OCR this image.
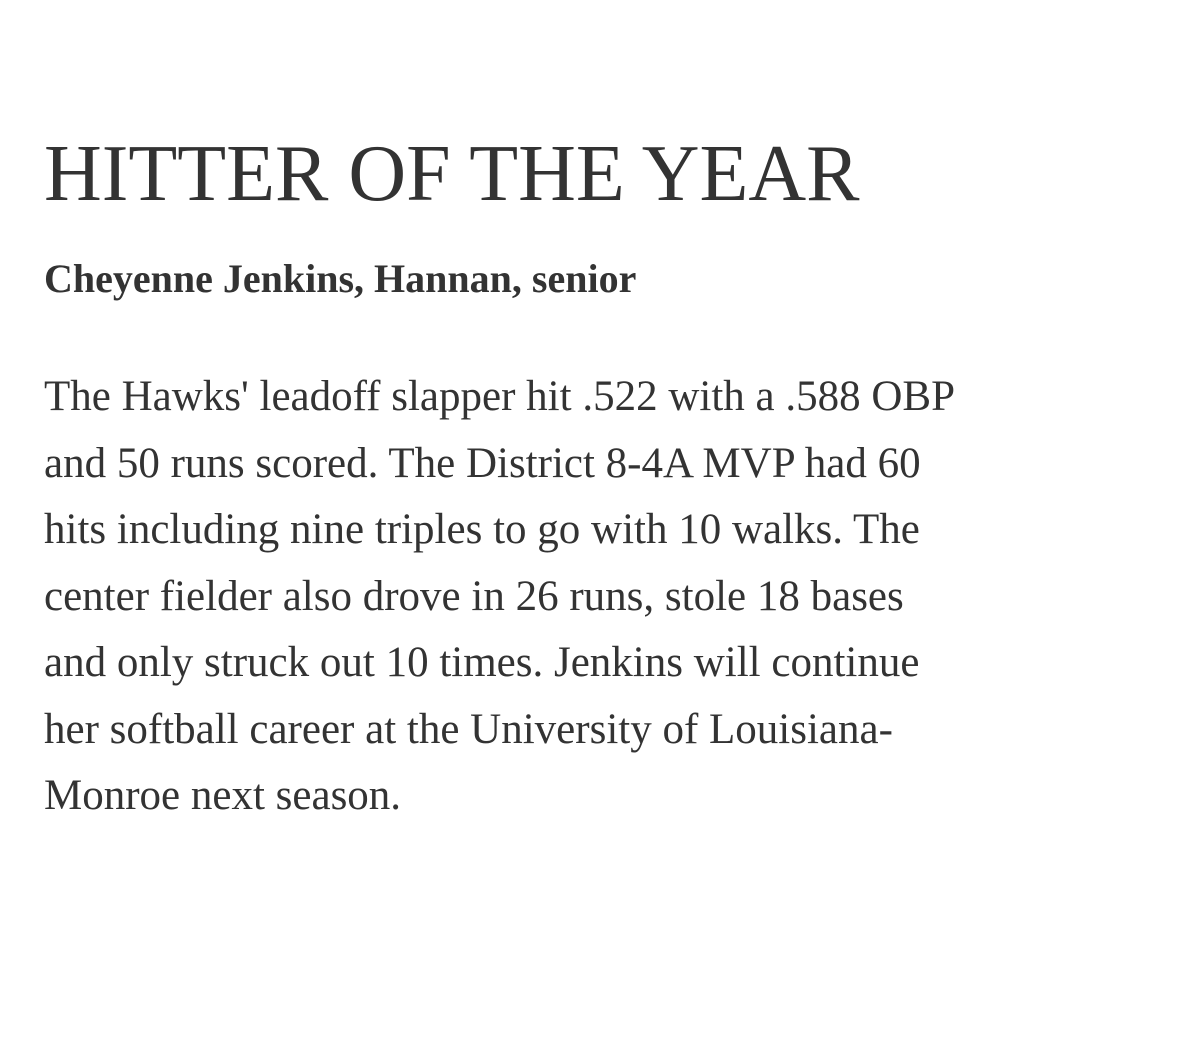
HITTER OF THE YEAR

Cheyenne Jenkins, Hannan, senior

The Hawks' leadoff slapper hit .522 with a .588 OBP
and 50 runs scored. The District 8-4A MVP had 60
hits including nine triples to go with 10 walks. The
center fielder also drove in 26 runs, stole 18 bases
and only struck out 10 times. Jenkins will continue
her softball career at the University of Louisiana-
Monroe next season.
